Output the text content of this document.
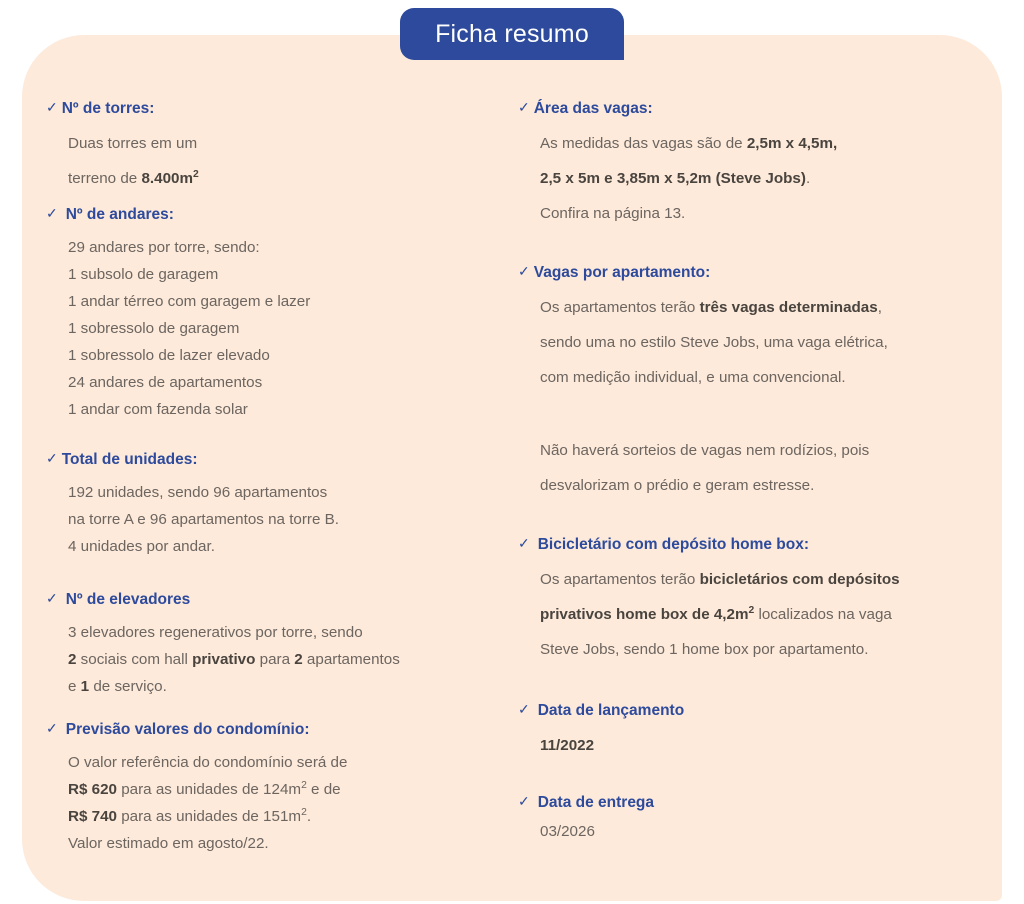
✓ Nº de torres:
Duas torres em um
terreno de $8.400m^2$
✓ Nº de andares:
29 andares por torre, sendo:
1 subsolo de garagem
1 andar térreo com garagem e lazer
1 sobressolo de garagem
1 sobressolo de lazer elevado
24 andares de apartamentos
1 andar com fazenda solar
✓ Total de unidades:
192 unidades, sendo 96 apartamentos
na torre A e 96 apartamentos na torre B.
4 unidades por andar.
✓ Nº de elevadores
3 elevadores regenerativos por torre, sendo
2 sociais com hall privativo para 2 apartamentos
e 1 de serviço.
✓ Previsão valores do condomínio:
O valor referência do condomínio será de
R$ 620 para as unidades de $124m^2$ e de
R$ 740 para as unidades de $151m^2$.
Valor estimado em agosto/22.
✓ Área das vagas:
As medidas das vagas são de 2,5m x 4,5m,
2,5 x 5m e 3,85m x 5,2m (Steve Jobs).
Confira na página 13.
✓ Vagas por apartamento:
Os apartamentos terão três vagas determinadas,
sendo uma no estilo Steve Jobs, uma vaga elétrica,
com medição individual, e uma convencional.
Não haverá sorteios de vagas nem rodízios, pois
desvalorizam o prédio e geram estresse.
✓ Bicicletário com depósito home box:
Os apartamentos terão bicicletários com depósitos
privativos home box de $4,2m^2$ localizados na vaga
Steve Jobs, sendo 1 home box por apartamento.
✓ Data de lançamento
11/2022
✓ Data de entrega
03/2026
Ficha resumo
